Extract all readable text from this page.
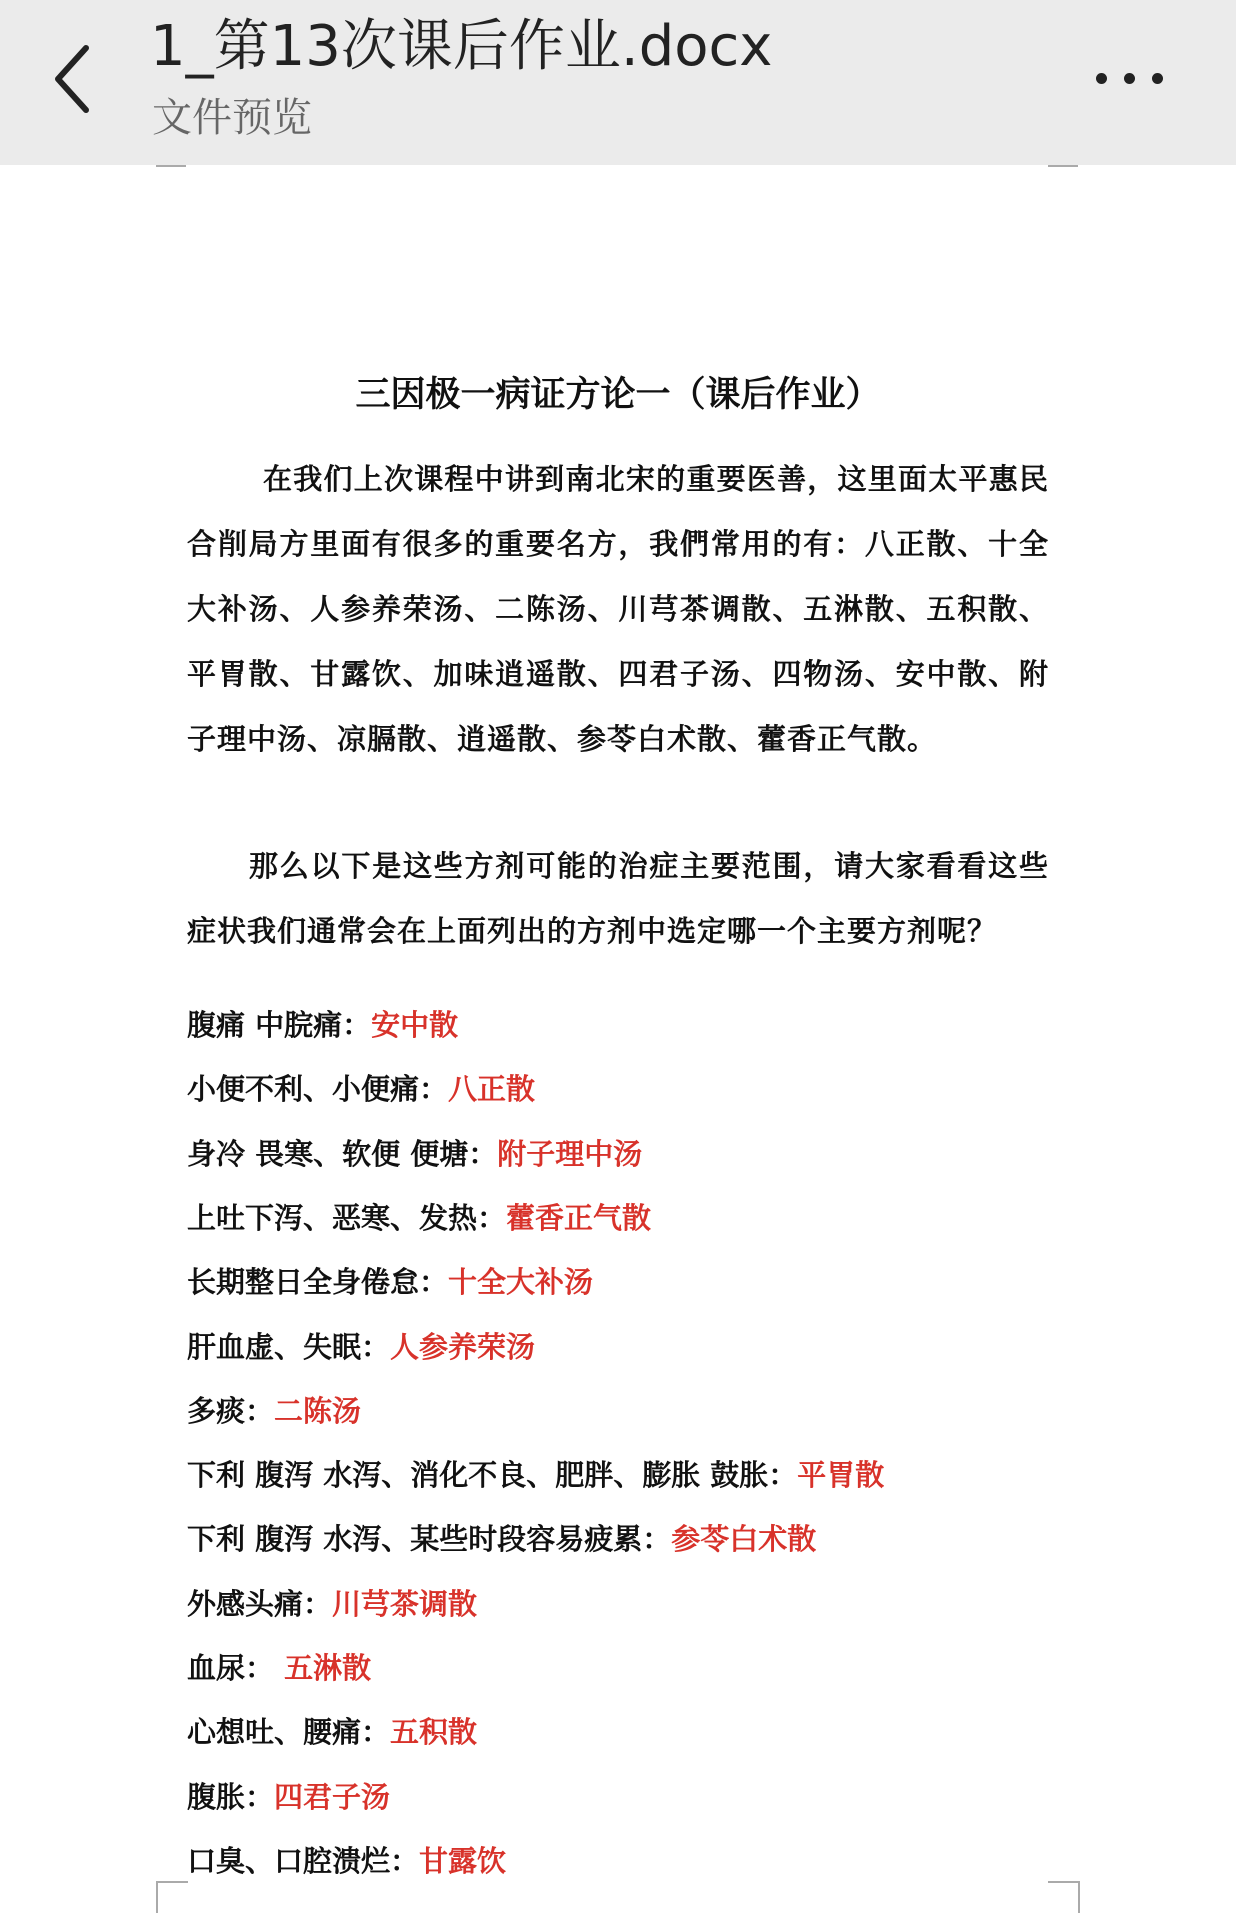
1_第13次课后作业.docx
文件预览
三因极一病证方论一（课后作业）
在我们上次课程中讲到南北宋的重要医善，这里面太平惠民合削局方里面有很多的重要名方，我們常用的有：八正散、十全大补汤、人参养荣汤、二陈汤、川芎茶调散、五淋散、五积散、平胃散、甘露饮、加味逍遥散、四君子汤、四物汤、安中散、附子理中汤、凉膈散、逍遥散、参苓白术散、藿香正气散。
那么以下是这些方剂可能的治症主要范围，请大家看看这些症状我们通常会在上面列出的方剂中选定哪一个主要方剂呢？
腹痛 中脘痛：安中散
小便不利、小便痛：八正散
身冷 畏寒、软便 便塘：附子理中汤
上吐下泻、恶寒、发热：藿香正气散
长期整日全身倦怠：十全大补汤
肝血虚、失眠：人参养荣汤
多痰：二陈汤
下利 腹泻 水泻、消化不良、肥胖、膨胀 鼓胀：平胃散
下利 腹泻 水泻、某些时段容易疲累：参苓白术散
外感头痛：川芎茶调散
血尿： 五淋散
心想吐、腰痛：五积散
腹胀：四君子汤
口臭、口腔溃烂：甘露饮
